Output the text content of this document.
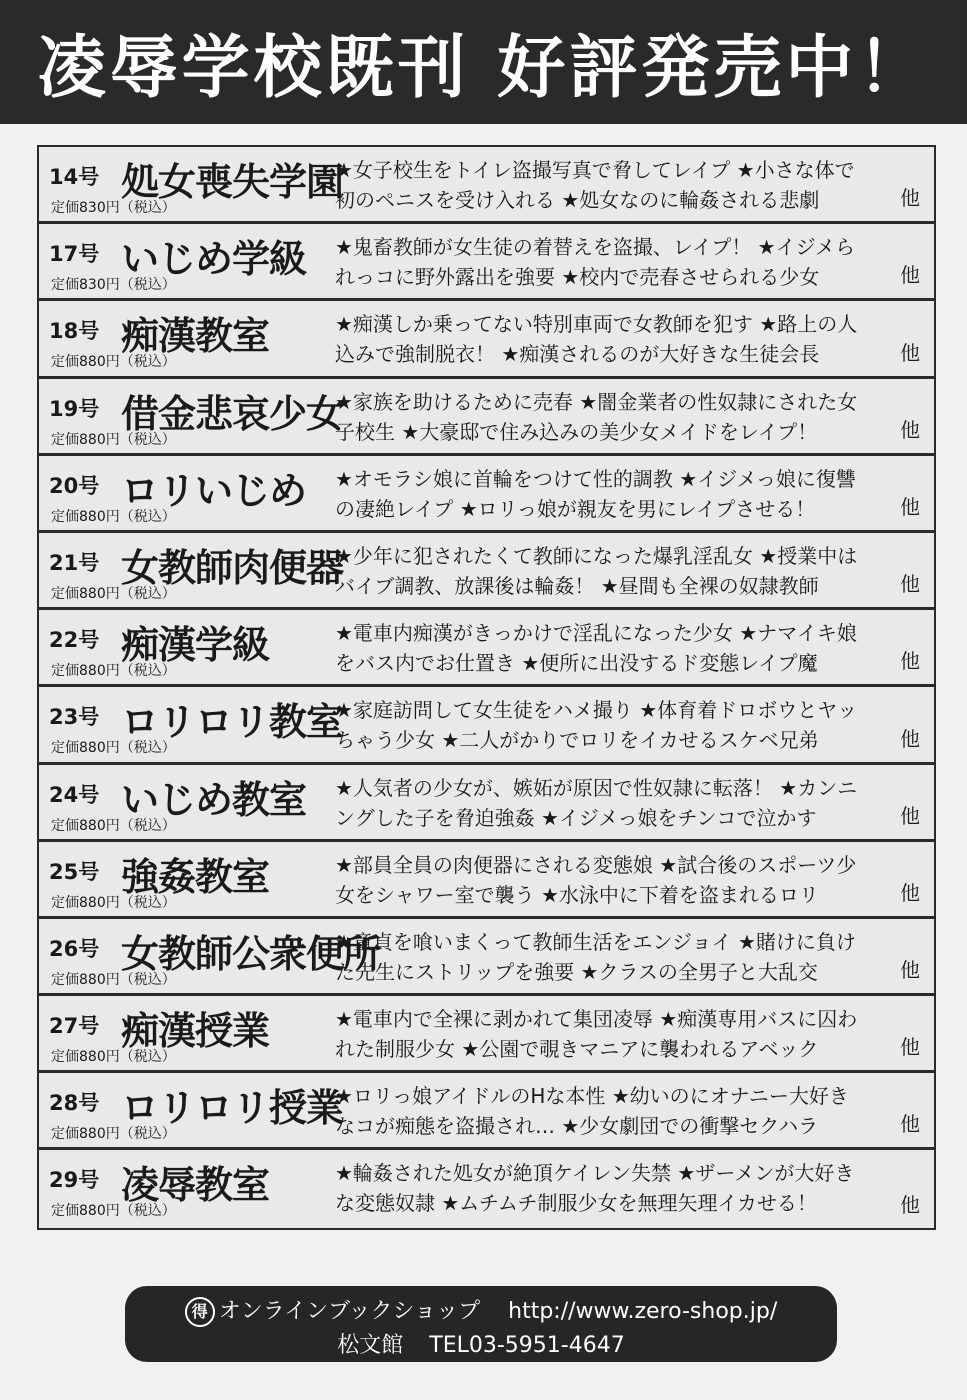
凌辱学校既刊 好評発売中！
14号 処女喪失学園
定価830円（税込）
★女子校生をトイレ盗撮写真で脅してレイプ ★小さな体で
初のペニスを受け入れる ★処女なのに輪姦される悲劇	他
17号 いじめ学級
定価830円（税込）
★鬼畜教師が女生徒の着替えを盗撮、レイプ！ ★イジメら
れっコに野外露出を強要 ★校内で売春させられる少女	他
18号 痴漢教室
定価880円（税込）
★痴漢しか乗ってない特別車両で女教師を犯す ★路上の人
込みで強制脱衣！ ★痴漢されるのが大好きな生徒会長	他
19号 借金悲哀少女
定価880円（税込）
★家族を助けるために売春 ★闇金業者の性奴隷にされた女
子校生 ★大豪邸で住み込みの美少女メイドをレイプ！	他
20号 ロリいじめ
定価880円（税込）
★オモラシ娘に首輪をつけて性的調教 ★イジメっ娘に復讐
の凄絶レイプ ★ロリっ娘が親友を男にレイプさせる！	他
21号 女教師肉便器
定価880円（税込）
★少年に犯されたくて教師になった爆乳淫乱女 ★授業中は
バイブ調教、放課後は輪姦！ ★昼間も全裸の奴隷教師	他
22号 痴漢学級
定価880円（税込）
★電車内痴漢がきっかけで淫乱になった少女 ★ナマイキ娘
をバス内でお仕置き ★便所に出没するド変態レイプ魔	他
23号 ロリロリ教室
定価880円（税込）
★家庭訪問して女生徒をハメ撮り ★体育着ドロボウとヤッ
ちゃう少女 ★二人がかりでロリをイカせるスケベ兄弟	他
24号 いじめ教室
定価880円（税込）
★人気者の少女が、嫉妬が原因で性奴隷に転落！ ★カンニ
ングした子を脅迫強姦 ★イジメっ娘をチンコで泣かす	他
25号 強姦教室
定価880円（税込）
★部員全員の肉便器にされる変態娘 ★試合後のスポーツ少
女をシャワー室で襲う ★水泳中に下着を盗まれるロリ	他
26号 女教師公衆便所
定価880円（税込）
★童貞を喰いまくって教師生活をエンジョイ ★賭けに負け
た先生にストリップを強要 ★クラスの全男子と大乱交	他
27号 痴漢授業
定価880円（税込）
★電車内で全裸に剥かれて集団凌辱 ★痴漢専用バスに囚わ
れた制服少女 ★公園で覗きマニアに襲われるアベック	他
28号 ロリロリ授業
定価880円（税込）
★ロリっ娘アイドルのHな本性 ★幼いのにオナニー大好き
なコが痴態を盗撮され… ★少女劇団での衝撃セクハラ	他
29号 凌辱教室
定価880円（税込）
★輪姦された処女が絶頂ケイレン失禁 ★ザーメンが大好き
な変態奴隷 ★ムチムチ制服少女を無理矢理イカせる！	他
得 オンラインブックショップ http://www.zero-shop.jp/
松文館 TEL03-5951-4647
